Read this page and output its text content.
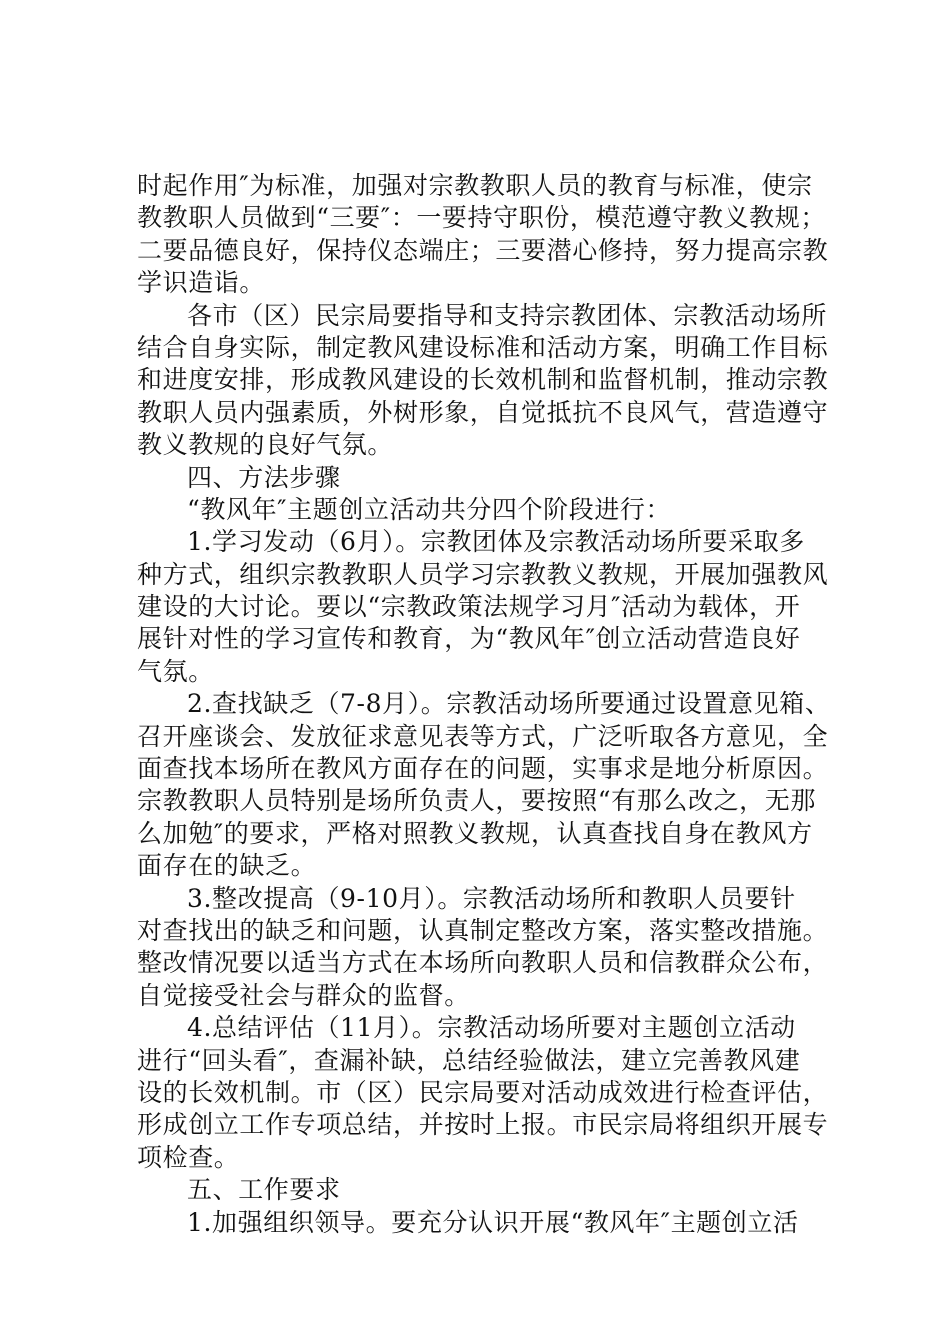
时起作用″为标准，加强对宗教教职人员的教育与标准，使宗
教教职人员做到“三要″：一要持守职份，模范遵守教义教规；
二要品德良好，保持仪态端庄；三要潜心修持，努力提高宗教
学识造诣。
各市（区）民宗局要指导和支持宗教团体、宗教活动场所
结合自身实际，制定教风建设标准和活动方案，明确工作目标
和进度安排，形成教风建设的长效机制和监督机制，推动宗教
教职人员内强素质，外树形象，自觉抵抗不良风气，营造遵守
教义教规的良好气氛。
四、方法步骤
“教风年″主题创立活动共分四个阶段进行：
1.学习发动（6月）。宗教团体及宗教活动场所要采取多
种方式，组织宗教教职人员学习宗教教义教规，开展加强教风
建设的大讨论。要以“宗教政策法规学习月″活动为载体，开
展针对性的学习宣传和教育，为“教风年″创立活动营造良好
气氛。
2.查找缺乏（7-8月）。宗教活动场所要通过设置意见箱、
召开座谈会、发放征求意见表等方式，广泛听取各方意见，全
面查找本场所在教风方面存在的问题，实事求是地分析原因。
宗教教职人员特别是场所负责人，要按照“有那么改之，无那
么加勉″的要求，严格对照教义教规，认真查找自身在教风方
面存在的缺乏。
3.整改提高（9-10月）。宗教活动场所和教职人员要针
对查找出的缺乏和问题，认真制定整改方案，落实整改措施。
整改情况要以适当方式在本场所向教职人员和信教群众公布，
自觉接受社会与群众的监督。
4.总结评估（11月）。宗教活动场所要对主题创立活动
进行“回头看″，查漏补缺，总结经验做法，建立完善教风建
设的长效机制。市（区）民宗局要对活动成效进行检查评估，
形成创立工作专项总结，并按时上报。市民宗局将组织开展专
项检查。
五、工作要求
1.加强组织领导。要充分认识开展“教风年″主题创立活
